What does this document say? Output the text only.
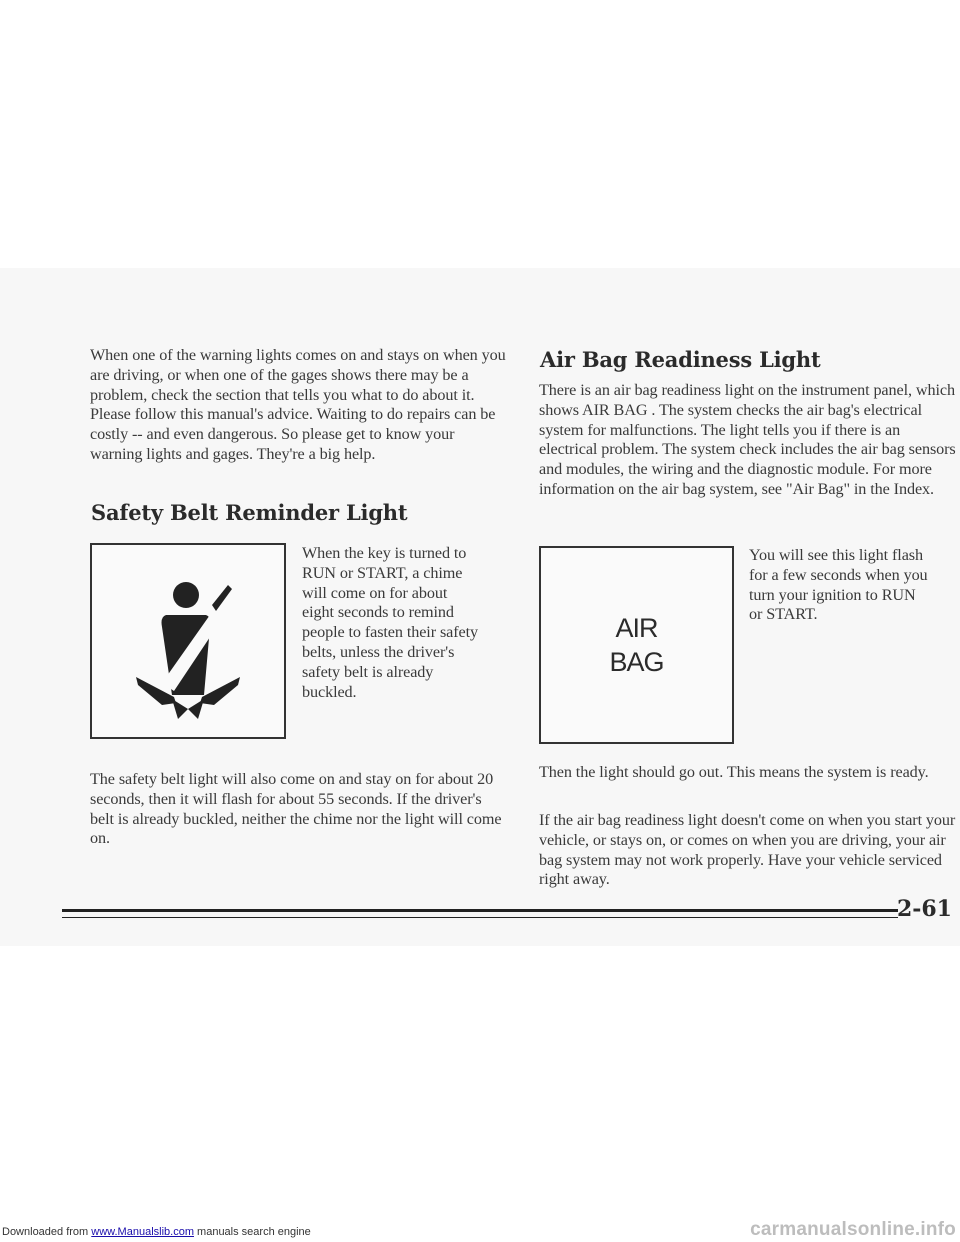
When one of the warning lights comes on and stays on when you are driving, or when one of the gages shows there may be a problem, check the section that tells you what to do about it. Please follow this manual's advice. Waiting to do repairs can be costly -- and even dangerous. So please get to know your warning lights and gages. They're a big help.

Safety Belt Reminder Light

When the key is turned to RUN or START, a chime will come on for about eight seconds to remind people to fasten their safety belts, unless the driver's safety belt is already buckled.

The safety belt light will also come on and stay on for about 20 seconds, then it will flash for about 55 seconds. If the driver's belt is already buckled, neither the chime nor the light will come on.

Air Bag Readiness Light

There is an air bag readiness light on the instrument panel, which shows AIR BAG . The system checks the air bag's electrical system for malfunctions. The light tells you if there is an electrical problem. The system check includes the air bag sensors and modules, the wiring and the diagnostic module. For more information on the air bag system, see "Air Bag" in the Index.

AIR
BAG

You will see this light flash for a few seconds when you turn your ignition to RUN or START.

Then the light should go out. This means the system is ready.

If the air bag readiness light doesn't come on when you start your vehicle, or stays on, or comes on when you are driving, your air bag system may not work properly. Have your vehicle serviced right away.

2-61
Downloaded from www.Manualslib.com manuals search engine	carmanualsonline.info
